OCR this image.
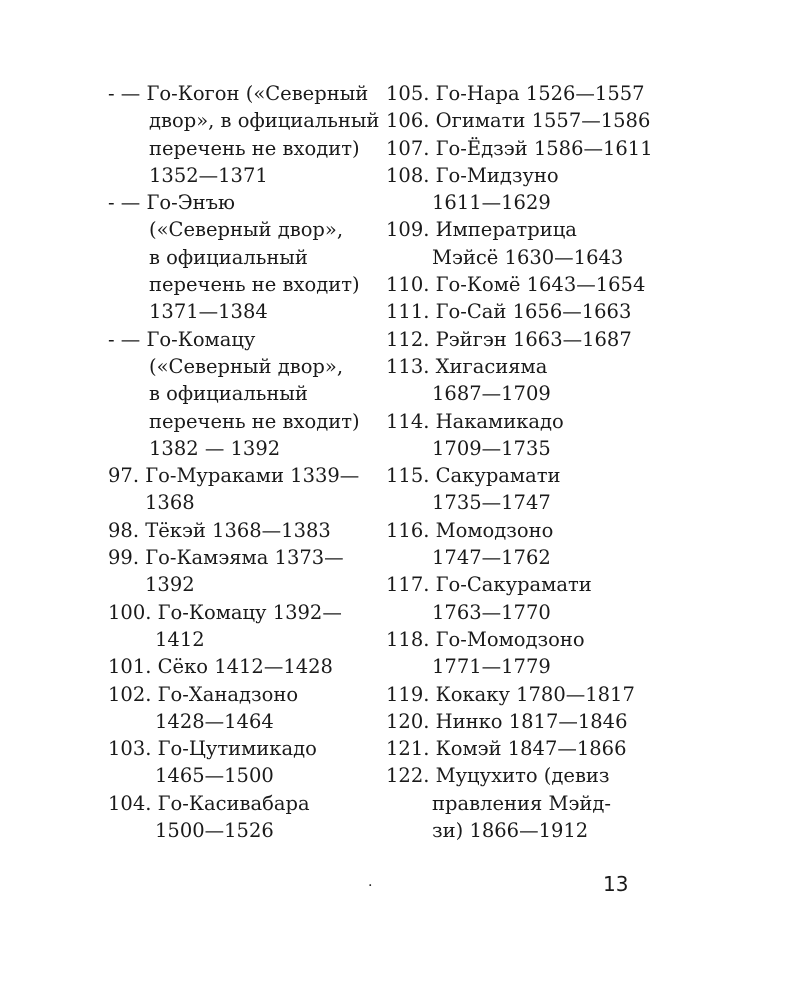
- — Го-Когон («Северный
двор», в официальный
перечень не входит)
1352—1371
- — Го-Энъю
(«Северный двор»,
в официальный
перечень не входит)
1371—1384
- — Го-Комацу
(«Северный двор»,
в официальный
перечень не входит)
1382 — 1392
97. Го-Мураками 1339—
1368
98. Тёкэй 1368—1383
99. Го-Камэяма 1373—
1392
100. Го-Комацу 1392—
1412
101. Сёко 1412—1428
102. Го-Ханадзоно
1428—1464
103. Го-Цутимикадо
1465—1500
104. Го-Касивабара
1500—1526
105. Го-Нара 1526—1557
106. Огимати 1557—1586
107. Го-Ёдзэй 1586—1611
108. Го-Мидзуно
1611—1629
109. Императрица
Мэйсё 1630—1643
110. Го-Комё 1643—1654
111. Го-Сай 1656—1663
112. Рэйгэн 1663—1687
113. Хигасияма
1687—1709
114. Накамикадо
1709—1735
115. Сакурамати
1735—1747
116. Момодзоно
1747—1762
117. Го-Сакурамати
1763—1770
118. Го-Момодзоно
1771—1779
119. Кокаку 1780—1817
120. Нинко 1817—1846
121. Комэй 1847—1866
122. Муцухито (девиз
правления Мэйд-
зи) 1866—1912
.	13
